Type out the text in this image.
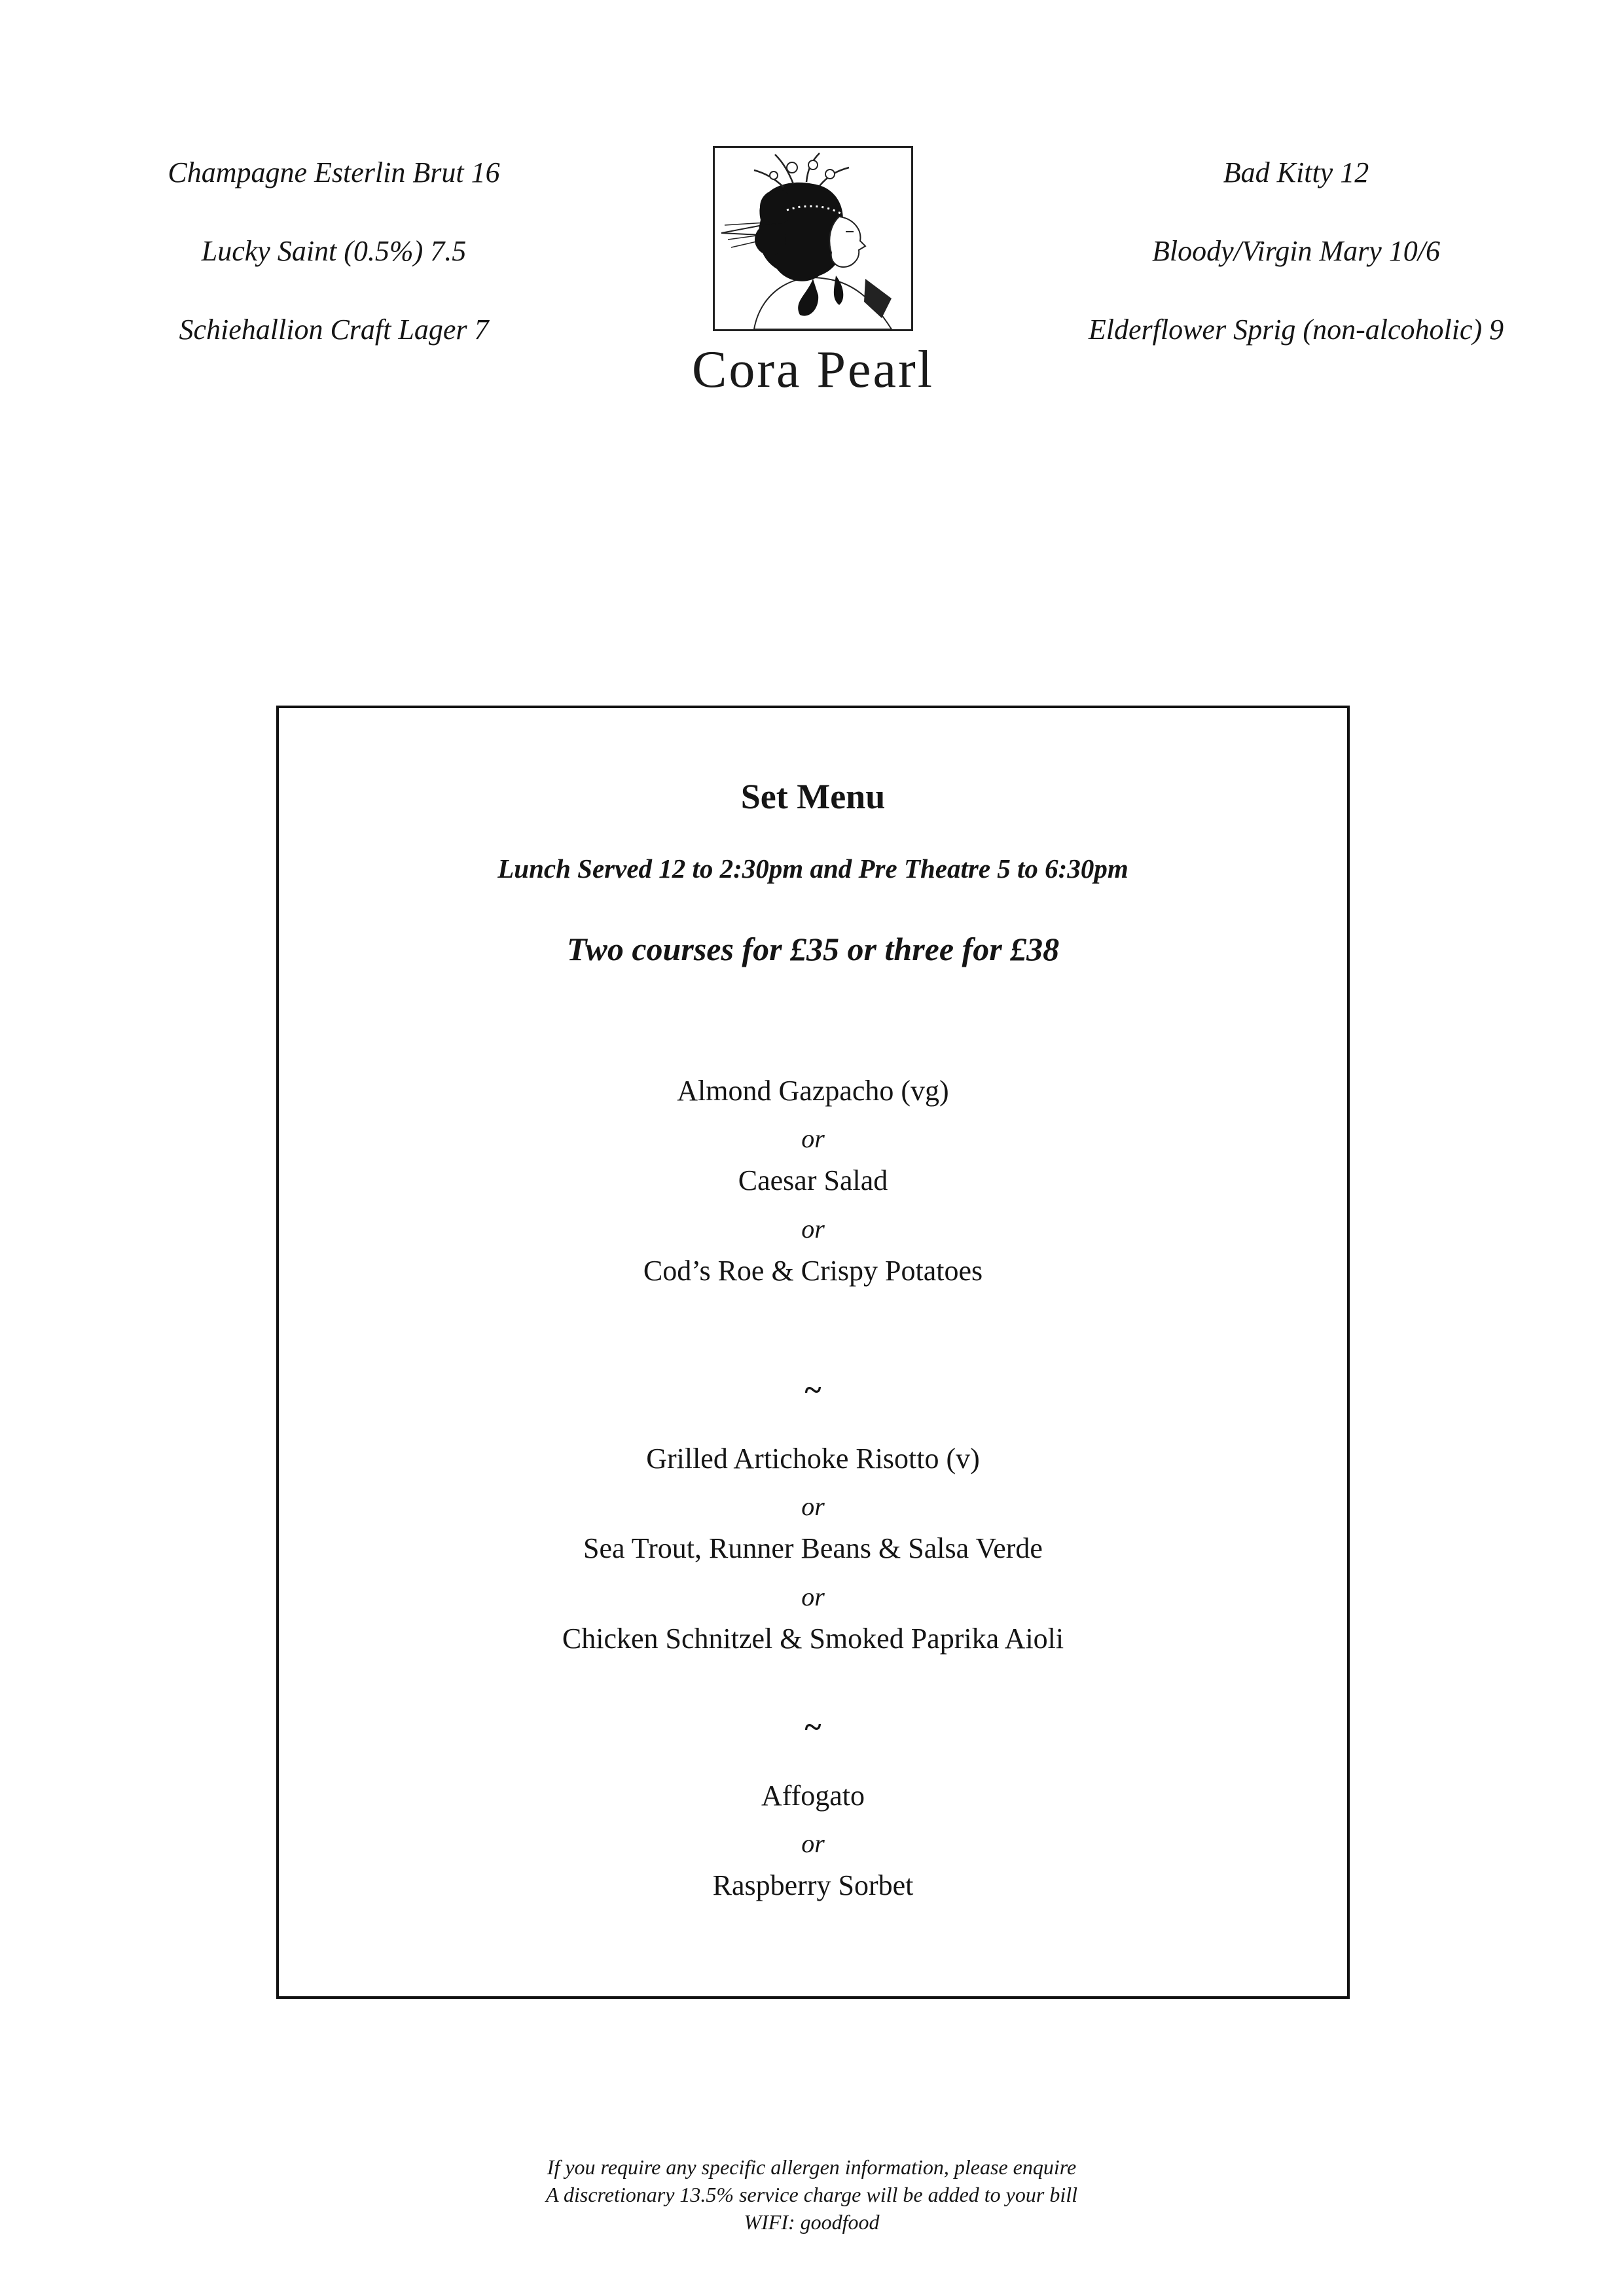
Champagne Esterlin Brut 16
Lucky Saint (0.5%) 7.5
Schiehallion Craft Lager 7
Bad Kitty 12
Bloody/Virgin Mary 10/6
Elderflower Sprig (non-alcoholic) 9
Cora Pearl
Set Menu
Lunch Served 12 to 2:30pm and Pre Theatre 5 to 6:30pm
Two courses for £35 or three for £38
Almond Gazpacho (vg)
or
Caesar Salad
or
Cod’s Roe & Crispy Potatoes
~
Grilled Artichoke Risotto (v)
or
Sea Trout, Runner Beans & Salsa Verde
or
Chicken Schnitzel & Smoked Paprika Aioli
~
Affogato
or
Raspberry Sorbet
If you require any specific allergen information, please enquire
A discretionary 13.5% service charge will be added to your bill
WIFI: goodfood
